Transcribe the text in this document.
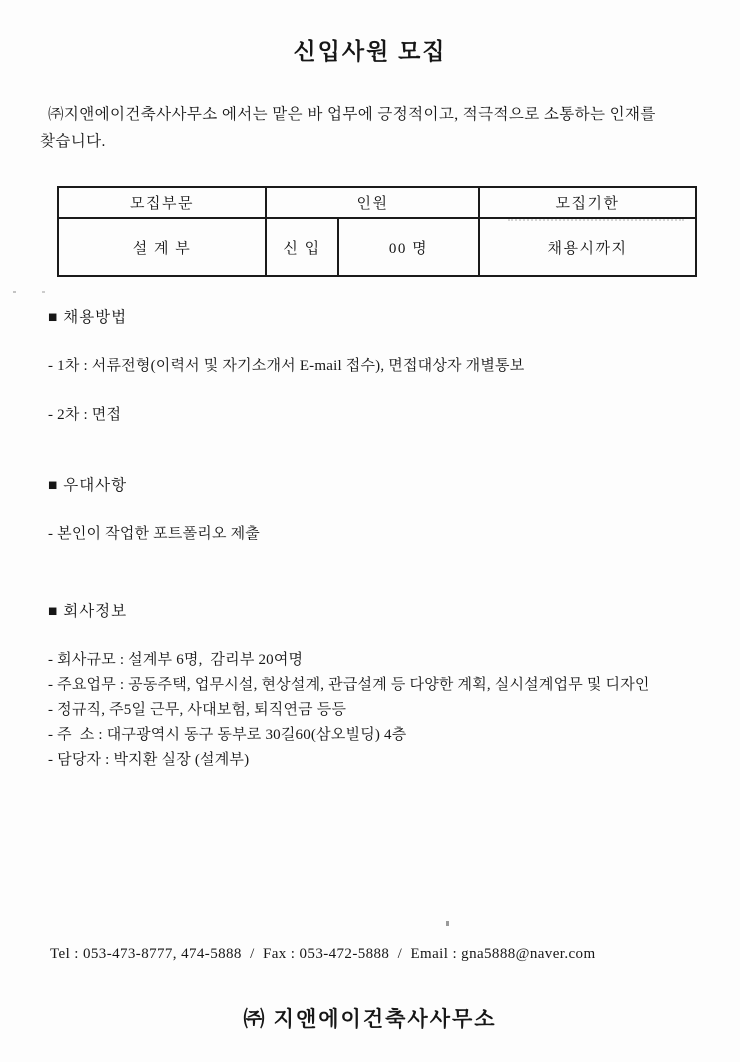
신입사원 모집
㈜지앤에이건축사사무소 에서는 맡은 바 업무에 긍정적이고, 적극적으로 소통하는 인재를
찾습니다.
모집부문	인원		모집기한
설 계 부	신 입	00 명	채용시까지
■ 채용방법
- 1차 : 서류전형(이력서 및 자기소개서 E-mail 접수), 면접대상자 개별통보
- 2차 : 면접
■ 우대사항
- 본인이 작업한 포트폴리오 제출
■ 회사정보
- 회사규모 : 설계부 6명,  감리부 20여명
- 주요업무 : 공동주택, 업무시설, 현상설계, 관급설계 등 다양한 계획, 실시설계업무 및 디자인
- 정규직, 주5일 근무, 사대보험, 퇴직연금 등등
- 주  소 : 대구광역시 동구 동부로 30길60(삼오빌딩) 4층
- 담당자 : 박지환 실장 (설계부)
Tel : 053-473-8777, 474-5888  /  Fax : 053-472-5888  /  Email : gna5888@naver.com
㈜ 지앤에이건축사사무소
